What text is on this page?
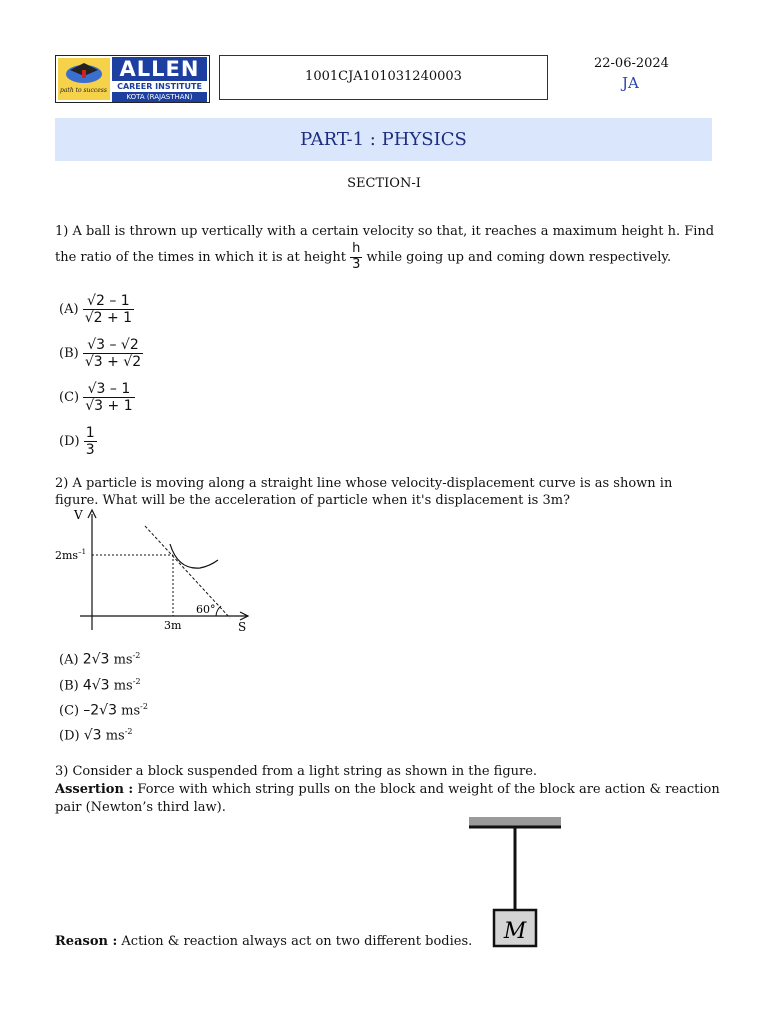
path to success
ALLEN
CAREER INSTITUTE
KOTA (RAJASTHAN)
1001CJA101031240003
22-06-2024
JA
PART-1 : PHYSICS
SECTION-I
1) A ball is thrown up vertically with a certain velocity so that, it reaches a maximum height h. Find
the ratio of the times in which it is at height $\frac{h}{3}$ while going up and coming down respectively.
$(A) \frac{√2 - 1}{√2 + 1}$
$(B) \frac{√3 - √2}{√3 + √2}$
$(C) \frac{√3 - 1}{√3 + 1}$
$(D) \frac{1}{3}$
2) A particle is moving along a straight line whose velocity-displacement curve is as shown in
figure. What will be the acceleration of particle when it's displacement is 3m?
V
S
$2ms^{-1}$
3m
60°
(A) 2√3 $ms^{-2}$
(B) 4√3 $ms^{-2}$
(C) –2√3 $ms^{-2}$
(D) √3 $ms^{-2}$
3) Consider a block suspended from a light string as shown in the figure.
Assertion : Force with which string pulls on the block and weight of the block are action & reaction
pair (Newton’s third law).
M
Reason : Action & reaction always act on two different bodies.
